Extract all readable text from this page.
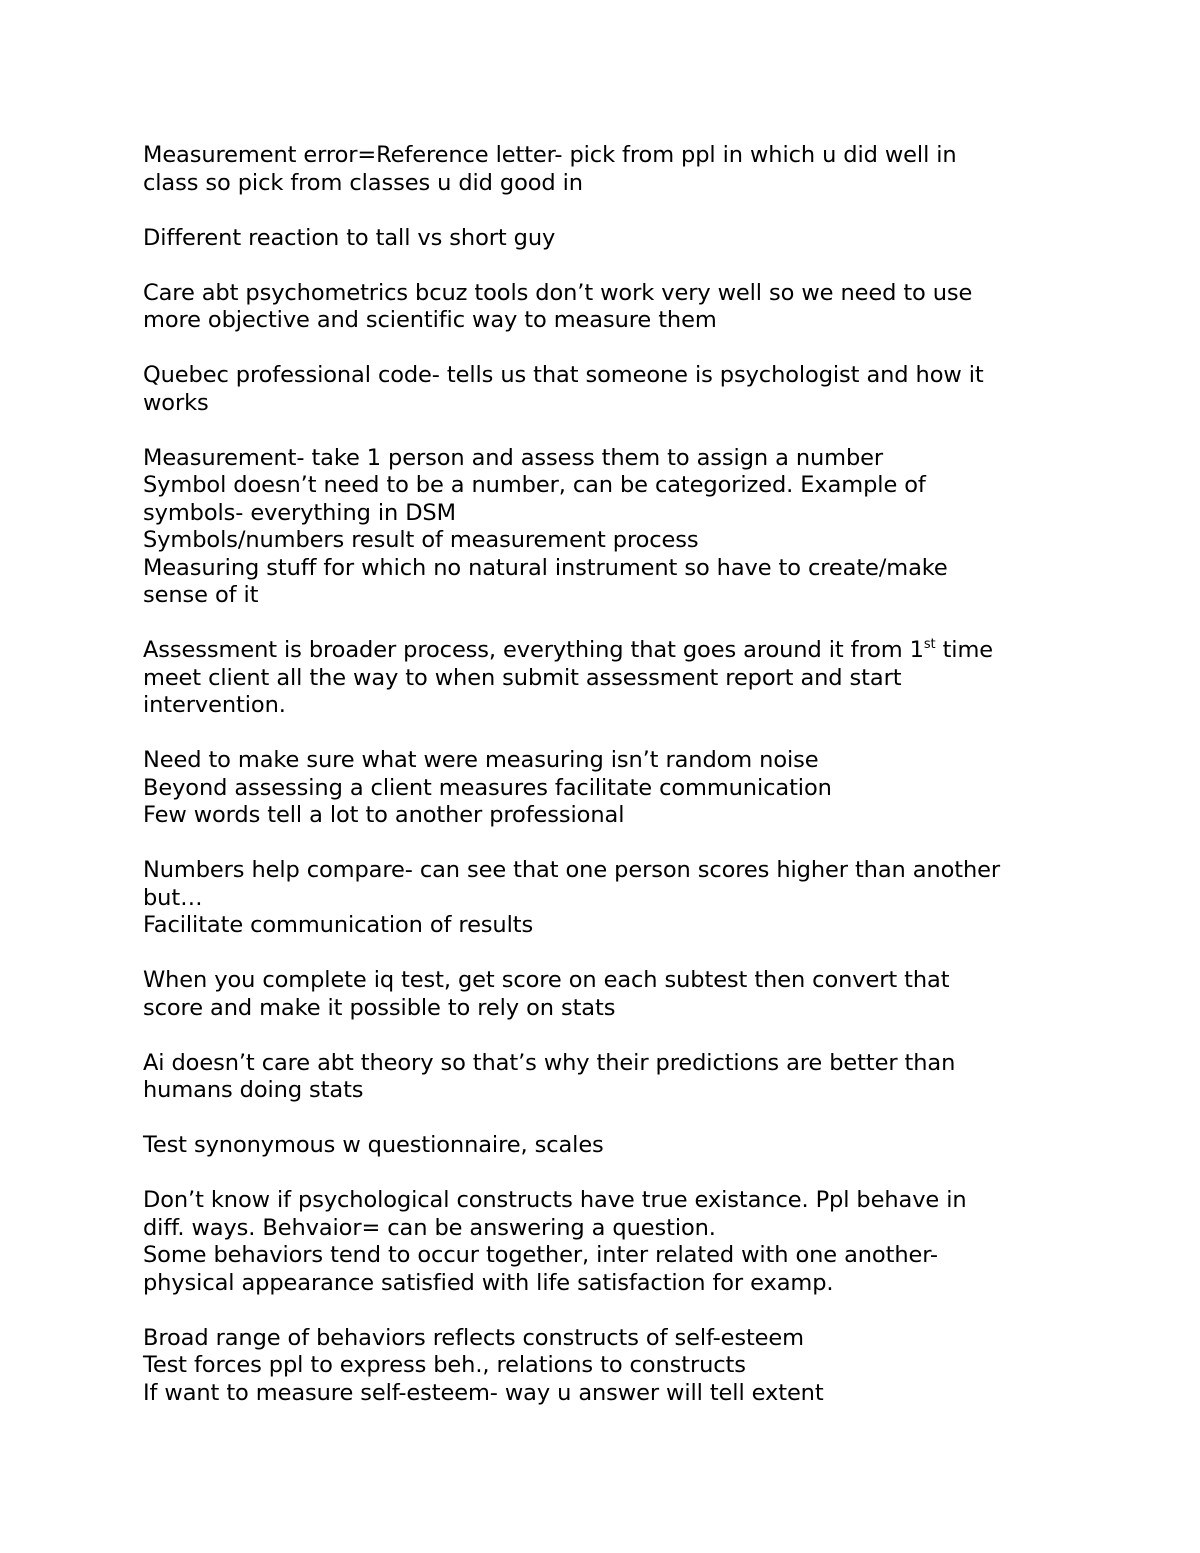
Measurement error=Reference letter- pick from ppl in which u did well in
class so pick from classes u did good in
Different reaction to tall vs short guy
Care abt psychometrics bcuz tools don’t work very well so we need to use
more objective and scientific way to measure them
Quebec professional code- tells us that someone is psychologist and how it
works
Measurement- take 1 person and assess them to assign a number
Symbol doesn’t need to be a number, can be categorized. Example of
symbols- everything in DSM
Symbols/numbers result of measurement process
Measuring stuff for which no natural instrument so have to create/make
sense of it
Assessment is broader process, everything that goes around it from 1st time
meet client all the way to when submit assessment report and start
intervention.
Need to make sure what were measuring isn’t random noise
Beyond assessing a client measures facilitate communication
Few words tell a lot to another professional
Numbers help compare- can see that one person scores higher than another
but…
Facilitate communication of results
When you complete iq test, get score on each subtest then convert that
score and make it possible to rely on stats
Ai doesn’t care abt theory so that’s why their predictions are better than
humans doing stats
Test synonymous w questionnaire, scales
Don’t know if psychological constructs have true existance. Ppl behave in
diff. ways. Behvaior= can be answering a question.
Some behaviors tend to occur together, inter related with one another-
physical appearance satisfied with life satisfaction for examp.
Broad range of behaviors reflects constructs of self-esteem
Test forces ppl to express beh., relations to constructs
If want to measure self-esteem- way u answer will tell extent
